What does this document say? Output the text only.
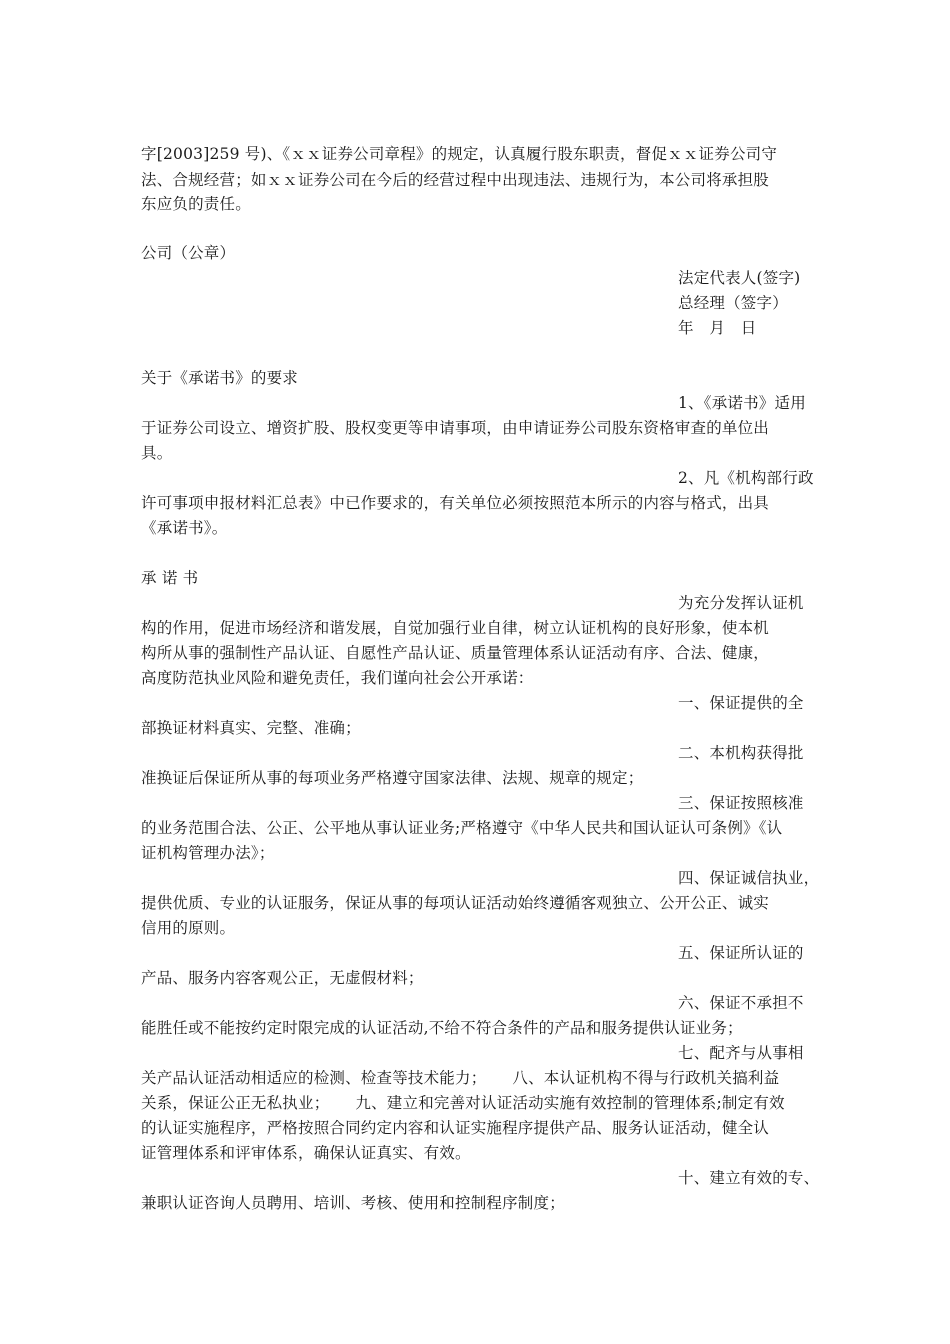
字[2003]259 号)、《ｘｘ证券公司章程》的规定，认真履行股东职责，督促ｘｘ证券公司守
法、合规经营；如ｘｘ证券公司在今后的经营过程中出现违法、违规行为，本公司将承担股
东应负的责任。
公司（公章）
法定代表人(签字)
总经理（签字）
年　月　日
关于《承诺书》的要求
1、《承诺书》适用
于证券公司设立、增资扩股、股权变更等申请事项，由申请证券公司股东资格审查的单位出
具。
2、凡《机构部行政
许可事项申报材料汇总表》中已作要求的，有关单位必须按照范本所示的内容与格式，出具
《承诺书》。
承 诺 书
为充分发挥认证机
构的作用，促进市场经济和谐发展，自觉加强行业自律，树立认证机构的良好形象，使本机
构所从事的强制性产品认证、自愿性产品认证、质量管理体系认证活动有序、合法、健康，
高度防范执业风险和避免责任，我们谨向社会公开承诺：
一、保证提供的全
部换证材料真实、完整、准确；
二、本机构获得批
准换证后保证所从事的每项业务严格遵守国家法律、法规、规章的规定；
三、保证按照核准
的业务范围合法、公正、公平地从事认证业务;严格遵守《中华人民共和国认证认可条例》《认
证机构管理办法》；
四、保证诚信执业，
提供优质、专业的认证服务，保证从事的每项认证活动始终遵循客观独立、公开公正、诚实
信用的原则。
五、保证所认证的
产品、服务内容客观公正，无虚假材料；
六、保证不承担不
能胜任或不能按约定时限完成的认证活动,不给不符合条件的产品和服务提供认证业务；
七、配齐与从事相
关产品认证活动相适应的检测、检查等技术能力； 八、本认证机构不得与行政机关搞利益
关系，保证公正无私执业； 九、建立和完善对认证活动实施有效控制的管理体系;制定有效
的认证实施程序，严格按照合同约定内容和认证实施程序提供产品、服务认证活动，健全认
证管理体系和评审体系，确保认证真实、有效。
十、建立有效的专、
兼职认证咨询人员聘用、培训、考核、使用和控制程序制度；
